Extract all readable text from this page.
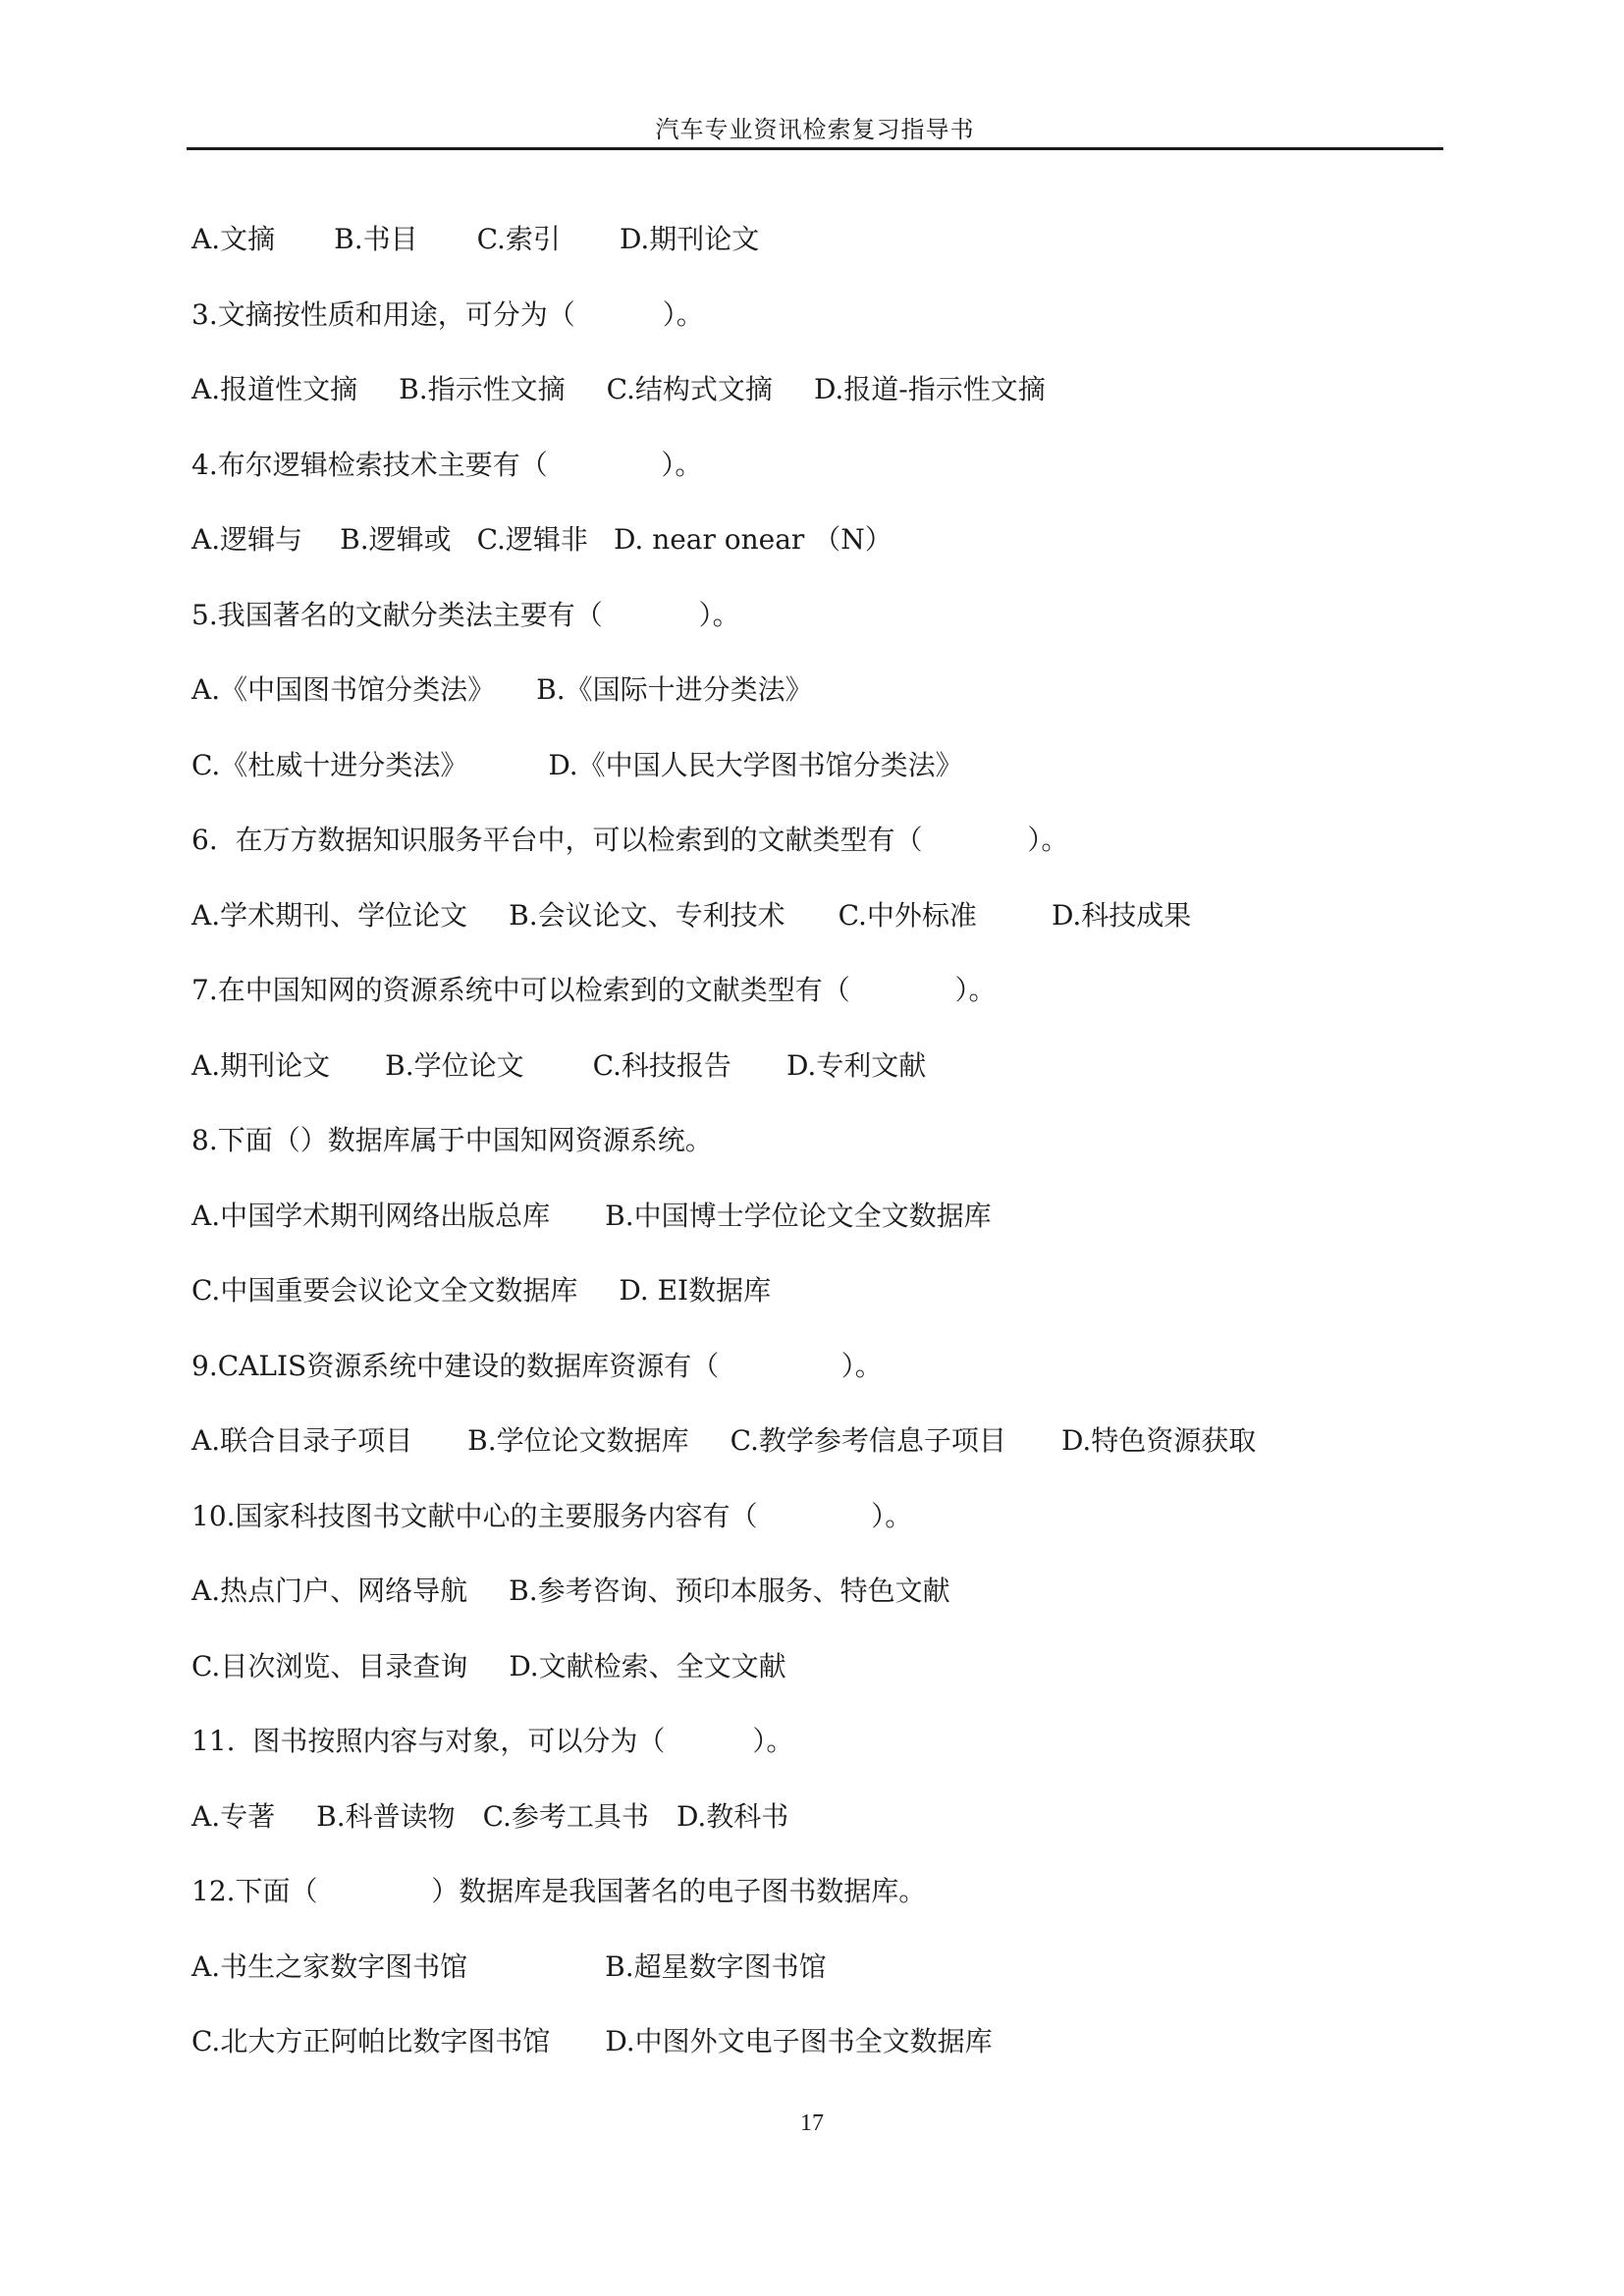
汽车专业资讯检索复习指导书
A.文摘 B.书目 C.索引 D.期刊论文
3.文摘按性质和用途，可分为（          ）。
A.报道性文摘 B.指示性文摘 C.结构式文摘 D.报道-指示性文摘
4.布尔逻辑检索技术主要有（             ）。
A.逻辑与 B.逻辑或 C.逻辑非 D. near onear （N）
5.我国著名的文献分类法主要有（           ）。
A.《中国图书馆分类法》 B.《国际十进分类法》
C.《杜威十进分类法》	D.《中国人民大学图书馆分类法》
6.  在万方数据知识服务平台中，可以检索到的文献类型有（            ）。
A.学术期刊、学位论文 B.会议论文、专利技术 C.中外标准	D.科技成果
7.在中国知网的资源系统中可以检索到的文献类型有（            ）。
A.期刊论文 B.学位论文	C.科技报告 D.专利文献
8.下面（）数据库属于中国知网资源系统。
A.中国学术期刊网络出版总库 B.中国博士学位论文全文数据库
C.中国重要会议论文全文数据库 D. EI数据库
9.CALIS资源系统中建设的数据库资源有（              ）。
A.联合目录子项目 B.学位论文数据库 C.教学参考信息子项目 D.特色资源获取
10.国家科技图书文献中心的主要服务内容有（             ）。
A.热点门户、网络导航 B.参考咨询、预印本服务、特色文献
C.目次浏览、目录查询 D.文献检索、全文文献
11.  图书按照内容与对象，可以分为（          ）。
A.专著 B.科普读物 C.参考工具书 D.教科书
12.下面（             ）数据库是我国著名的电子图书数据库。
A.书生之家数字图书馆	B.超星数字图书馆
C.北大方正阿帕比数字图书馆 D.中图外文电子图书全文数据库
17
